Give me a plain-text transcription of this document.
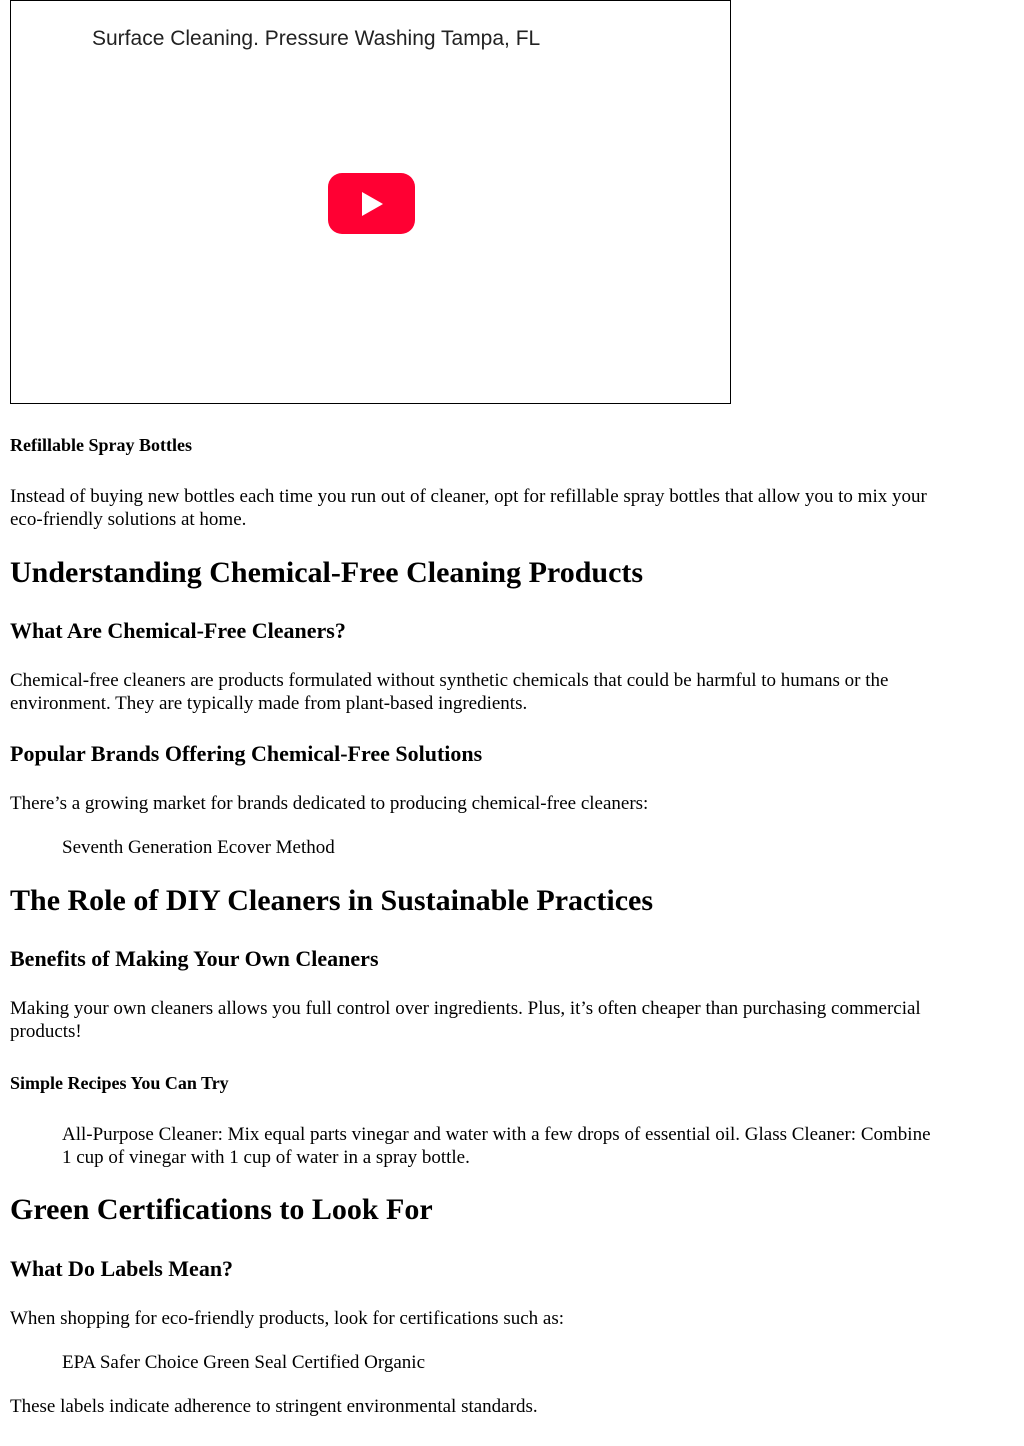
Surface Cleaning. Pressure Washing Tampa, FL
Refillable Spray Bottles

Instead of buying new bottles each time you run out of cleaner, opt for refillable spray bottles that allow you to mix your

eco-friendly solutions at home.

Understanding Chemical-Free Cleaning Products
What Are Chemical-Free Cleaners?

Chemical-free cleaners are products formulated without synthetic chemicals that could be harmful to humans or the

environment. They are typically made from plant-based ingredients.

Popular Brands Offering Chemical-Free Solutions

There’s a growing market for brands dedicated to producing chemical-free cleaners:

Seventh Generation Ecover Method

The Role of DIY Cleaners in Sustainable Practices
Benefits of Making Your Own Cleaners

Making your own cleaners allows you full control over ingredients. Plus, it’s often cheaper than purchasing commercial

products!

Simple Recipes You Can Try

All-Purpose Cleaner: Mix equal parts vinegar and water with a few drops of essential oil. Glass Cleaner: Combine

1 cup of vinegar with 1 cup of water in a spray bottle.

Green Certifications to Look For
What Do Labels Mean?

When shopping for eco-friendly products, look for certifications such as:

EPA Safer Choice Green Seal Certified Organic

These labels indicate adherence to stringent environmental standards.
